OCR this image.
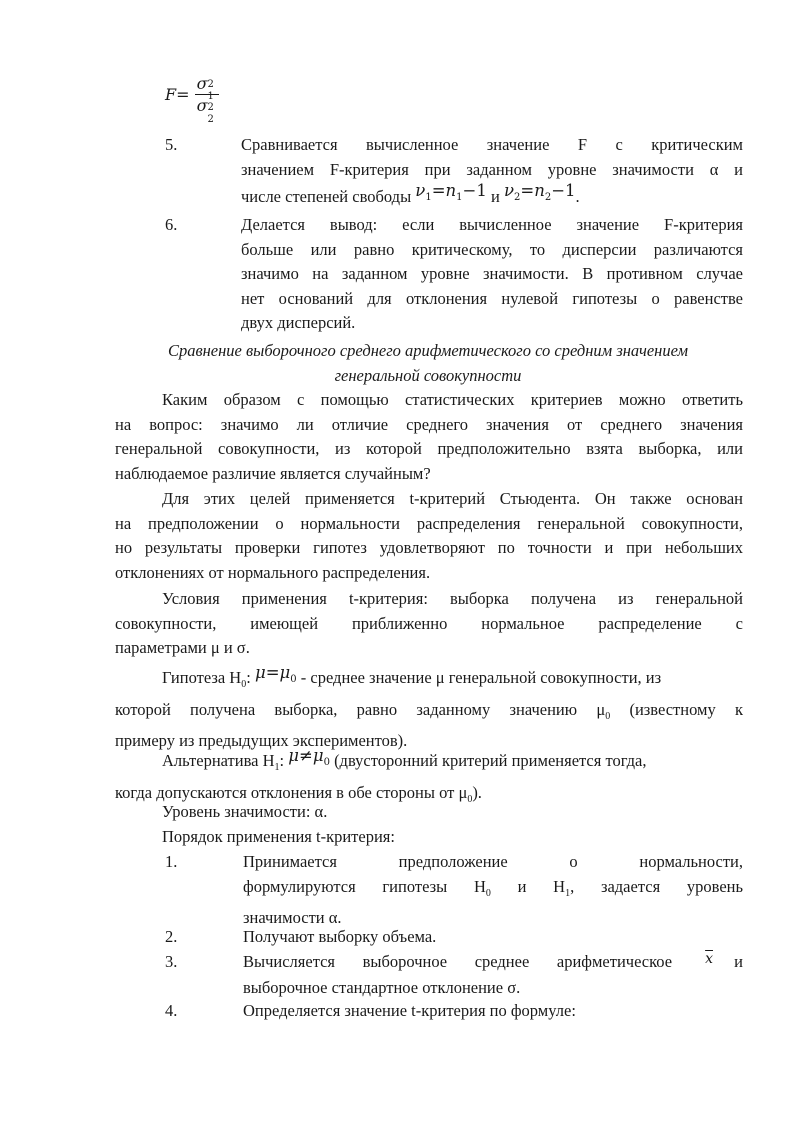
F= σ 2
1
σ 2
2
5.	Сравнивается вычисленное значение F с критическим
значением F-критерия при заданном уровне значимости α и
числе степеней свободы $\nu_1=n_1-1$ и $\nu_2=n_2-1$.
6.	Делается вывод: если вычисленное значение F-критерия
больше или равно критическому, то дисперсии различаются
значимо на заданном уровне значимости. В противном случае
нет оснований для отклонения нулевой гипотезы о равенстве
двух дисперсий.
Сравнение выборочного среднего арифметического со средним значением
генеральной совокупности
Каким образом с помощью статистических критериев можно ответить
на вопрос: значимо ли отличие среднего значения от среднего значения
генеральной совокупности, из которой предположительно взята выборка, или
наблюдаемое различие является случайным?
Для этих целей применяется t-критерий Стьюдента. Он также основан
на предположении о нормальности распределения генеральной совокупности,
но результаты проверки гипотез удовлетворяют по точности и при небольших
отклонениях от нормального распределения.
Условия применения t-критерия: выборка получена из генеральной
совокупности, имеющей приближенно нормальное распределение с
параметрами μ и σ.
Гипотеза $H_0$: $\mu=\mu_0$ - среднее значение μ генеральной совокупности, из
которой получена выборка, равно заданному значению $\mu_0$ (известному к
примеру из предыдущих экспериментов).
Альтернатива $H_1$: $\mu\ne\mu_0$ (двусторонний критерий применяется тогда,
когда допускаются отклонения в обе стороны от $\mu_0$).
Уровень значимости: α.
Порядок применения t-критерия:
1.	Принимается предположение о нормальности,
формулируются гипотезы $H_0$ и $H_1$, задается уровень
значимости α.
2.	Получают выборку объема.
3.	Вычисляется выборочное среднее арифметическое   $^{\overline{x}}$ и
выборочное стандартное отклонение σ.
4.	Определяется значение t-критерия по формуле:
